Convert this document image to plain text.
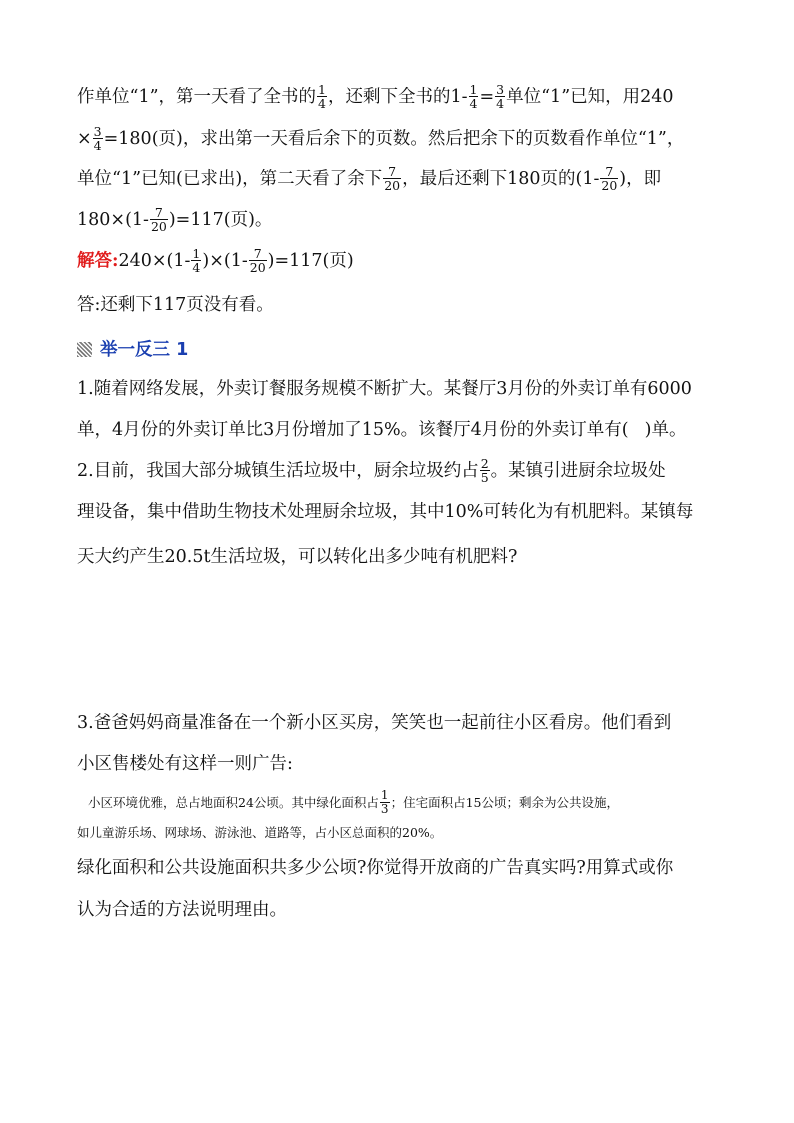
作单位“1”，第一天看了全书的 $\frac{1}{4}$ ，还剩下全书的$1- \frac{1}{4} = \frac{3}{4}$ 单位“1”已知，用240
× $\frac{3}{4} =180$(页)，求出第一天看后余下的页数。然后把余下的页数看作单位“1”，
单位“1”已知(已求出)，第二天看了余下 $\frac{7}{20}$ ，最后还剩下180页的($1- \frac{7}{20}$ )，即
$180\times(1- \frac{7}{20} )=117$(页)。
解答:240×(1- $\frac{1}{4} )\times(1- \frac{7}{20} )=117$(页)
答:还剩下117页没有看。
举一反三 1
1.随着网络发展，外卖订餐服务规模不断扩大。某餐厅3月份的外卖订单有6000
单，4月份的外卖订单比3月份增加了15%。该餐厅4月份的外卖订单有( )单。
2.目前，我国大部分城镇生活垃圾中，厨余垃圾约占 $\frac{2}{5}$ 。某镇引进厨余垃圾处
理设备，集中借助生物技术处理厨余垃圾，其中10%可转化为有机肥料。某镇每
天大约产生20.5t生活垃圾，可以转化出多少吨有机肥料?
3.爸爸妈妈商量准备在一个新小区买房，笑笑也一起前往小区看房。他们看到
小区售楼处有这样一则广告:
小区环境优雅，总占地面积24公顷。其中绿化面积占 $\frac{1}{3}$ ；住宅面积占15公顷；剩余为公共设施，
如儿童游乐场、网球场、游泳池、道路等，占小区总面积的20%。
绿化面积和公共设施面积共多少公顷?你觉得开放商的广告真实吗?用算式或你
认为合适的方法说明理由。
